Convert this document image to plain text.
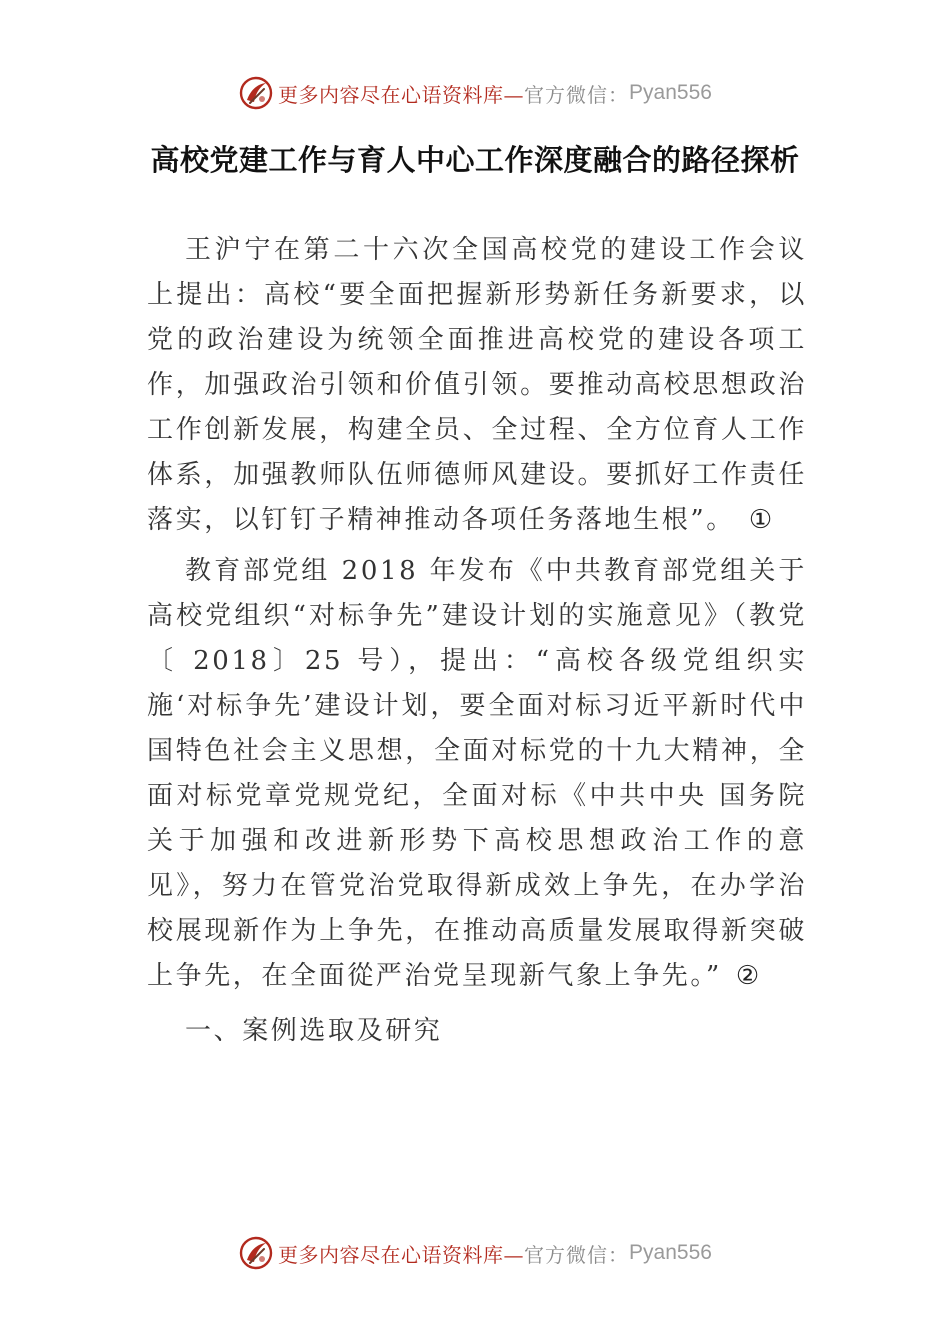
更多内容尽在心语资料库— 官方微信： Pyan556
高校党建工作与育人中心工作深度融合的路径探析

王沪宁在第二十六次全国高校党的建设工作会议上提出：高校“要全面把握新形势新任务新要求，以党的政治建设为统领全面推进高校党的建设各项工作，加强政治引领和价值引领。要推动高校思想政治工作创新发展，构建全员、全过程、全方位育人工作体系，加强教师队伍师德师风建设。要抓好工作责任落实，以钉钉子精神推动各项任务落地生根”。 ①

教育部党组 2018 年发布《中共教育部党组关于高校党组织“对标争先”建设计划的实施意见》（教党〔 2018〕25 号），提出：“高校各级党组织实施‘对标争先’建设计划，要全面对标习近平新时代中国特色社会主义思想，全面对标党的十九大精神，全面对标党章党规党纪，全面对标《中共中央 国务院关于加强和改进新形势下高校思想政治工作的意见》，努力在管党治党取得新成效上争先，在办学治校展现新作为上争先，在推动高质量发展取得新突破上争先，在全面從严治党呈现新气象上争先。” ②

一、案例选取及研究

更多内容尽在心语资料库— 官方微信： Pyan556
